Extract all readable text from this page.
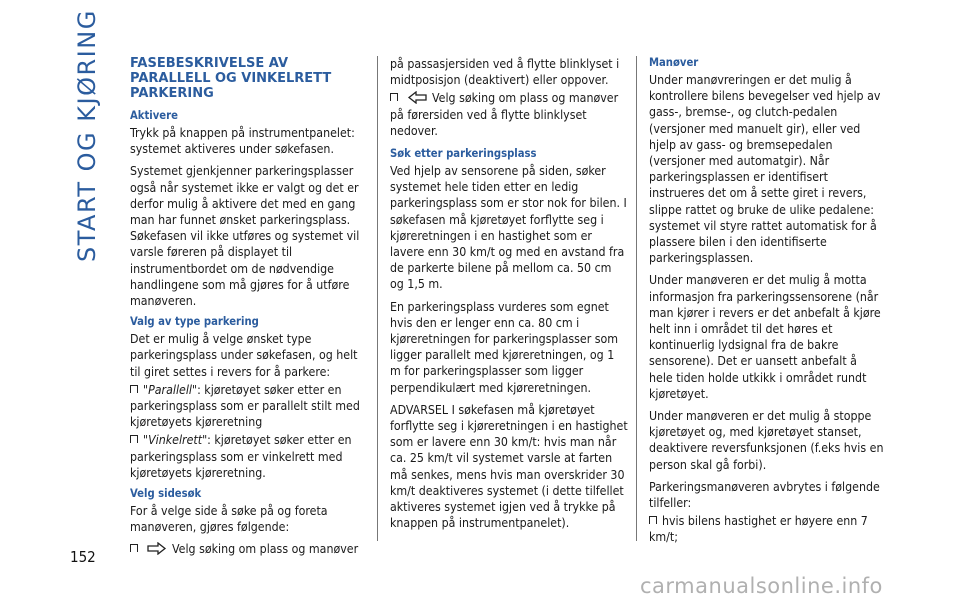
START OG KJØRING
152
FASEBESKRIVELSE AV PARALLELL OG VINKELRETT PARKERING
Aktivere

Trykk på knappen på instrumentpanelet: systemet aktiveres under søkefasen.

Systemet gjenkjenner parkeringsplasser også når systemet ikke er valgt og det er derfor mulig å aktivere det med en gang man har funnet ønsket parkeringsplass. Søkefasen vil ikke utføres og systemet vil varsle føreren på displayet til instrumentbordet om de nødvendige handlingene som må gjøres for å utføre manøveren.

Valg av type parkering

Det er mulig å velge ønsket type parkeringsplass under søkefasen, og helt til giret settes i revers for å parkere:

"Parallell": kjøretøyet søker etter en parkeringsplass som er parallelt stilt med kjøretøyets kjøreretning
"Vinkelrett": kjøretøyet søker etter en parkeringsplass som er vinkelrett med kjøretøyets kjøreretning.
Velg sidesøk

For å velge side å søke på og foreta manøveren, gjøres følgende:

Velg søking om plass og manøver

på passasjersiden ved å flytte blinklyset i midtposisjon (deaktivert) eller oppover.

Velg søking om plass og manøver på førersiden ved å flytte blinklyset nedover.
Søk etter parkeringsplass

Ved hjelp av sensorene på siden, søker systemet hele tiden etter en ledig parkeringsplass som er stor nok for bilen. I søkefasen må kjøretøyet forflytte seg i kjøreretningen i en hastighet som er lavere enn 30 km/t og med en avstand fra de parkerte bilene på mellom ca. 50 cm og 1,5 m.

En parkeringsplass vurderes som egnet hvis den er lenger enn ca. 80 cm i kjøreretningen for parkeringsplasser som ligger parallelt med kjøreretningen, og 1 m for parkeringsplasser som ligger perpendikulært med kjøreretningen.

ADVARSEL I søkefasen må kjøretøyet forflytte seg i kjøreretningen i en hastighet som er lavere enn 30 km/t: hvis man når ca. 25 km/t vil systemet varsle at farten må senkes, mens hvis man overskrider 30 km/t deaktiveres systemet (i dette tilfellet aktiveres systemet igjen ved å trykke på knappen på instrumentpanelet).

Manøver

Under manøvreringen er det mulig å kontrollere bilens bevegelser ved hjelp av gass-, bremse-, og clutch-pedalen (versjoner med manuelt gir), eller ved hjelp av gass- og bremsepedalen (versjoner med automatgir). Når parkeringsplassen er identifisert instrueres det om å sette giret i revers, slippe rattet og bruke de ulike pedalene: systemet vil styre rattet automatisk for å plassere bilen i den identifiserte parkeringsplassen.

Under manøveren er det mulig å motta informasjon fra parkeringssensorene (når man kjører i revers er det anbefalt å kjøre helt inn i området til det høres et kontinuerlig lydsignal fra de bakre sensorene). Det er uansett anbefalt å hele tiden holde utkikk i området rundt kjøretøyet.

Under manøveren er det mulig å stoppe kjøretøyet og, med kjøretøyet stanset, deaktivere reversfunksjonen (f.eks hvis en person skal gå forbi).

Parkeringsmanøveren avbrytes i følgende tilfeller:

hvis bilens hastighet er høyere enn 7 km/t;
carmanualsonline.info
